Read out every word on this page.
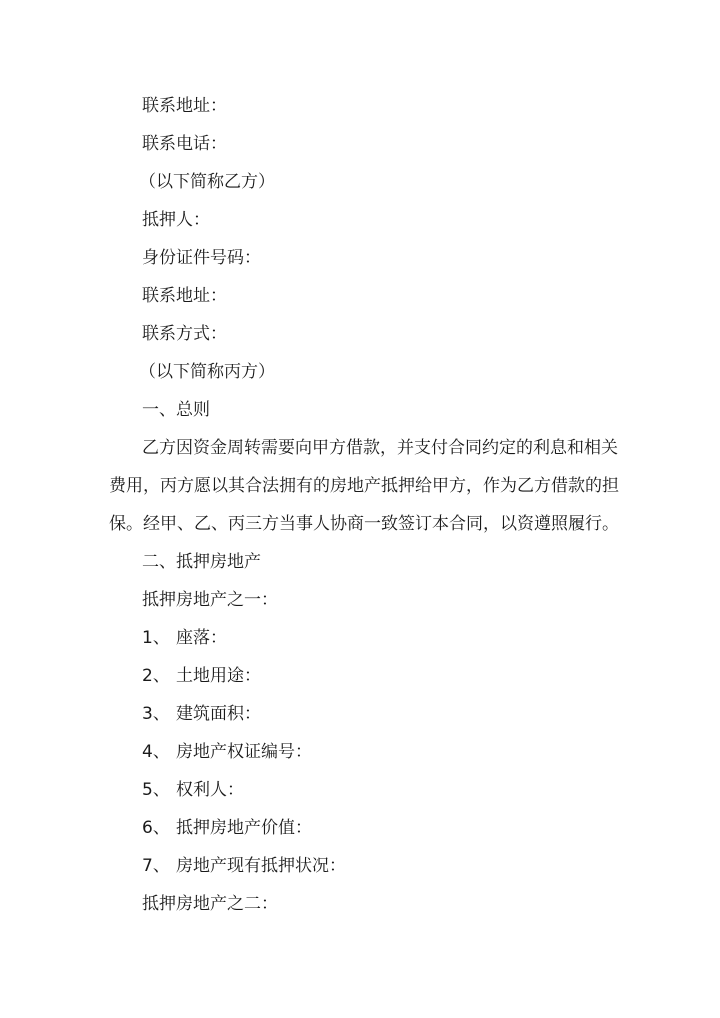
联系地址：
联系电话：
（以下简称乙方）
抵押人：
身份证件号码：
联系地址：
联系方式：
（以下简称丙方）
一、总则
乙方因资金周转需要向甲方借款，并支付合同约定的利息和相关
费用，丙方愿以其合法拥有的房地产抵押给甲方，作为乙方借款的担
保。经甲、乙、丙三方当事人协商一致签订本合同，以资遵照履行。
二、抵押房地产
抵押房地产之一：
1、 座落：
2、 土地用途：
3、 建筑面积：
4、 房地产权证编号：
5、 权利人：
6、 抵押房地产价值：
7、 房地产现有抵押状况：
抵押房地产之二：
